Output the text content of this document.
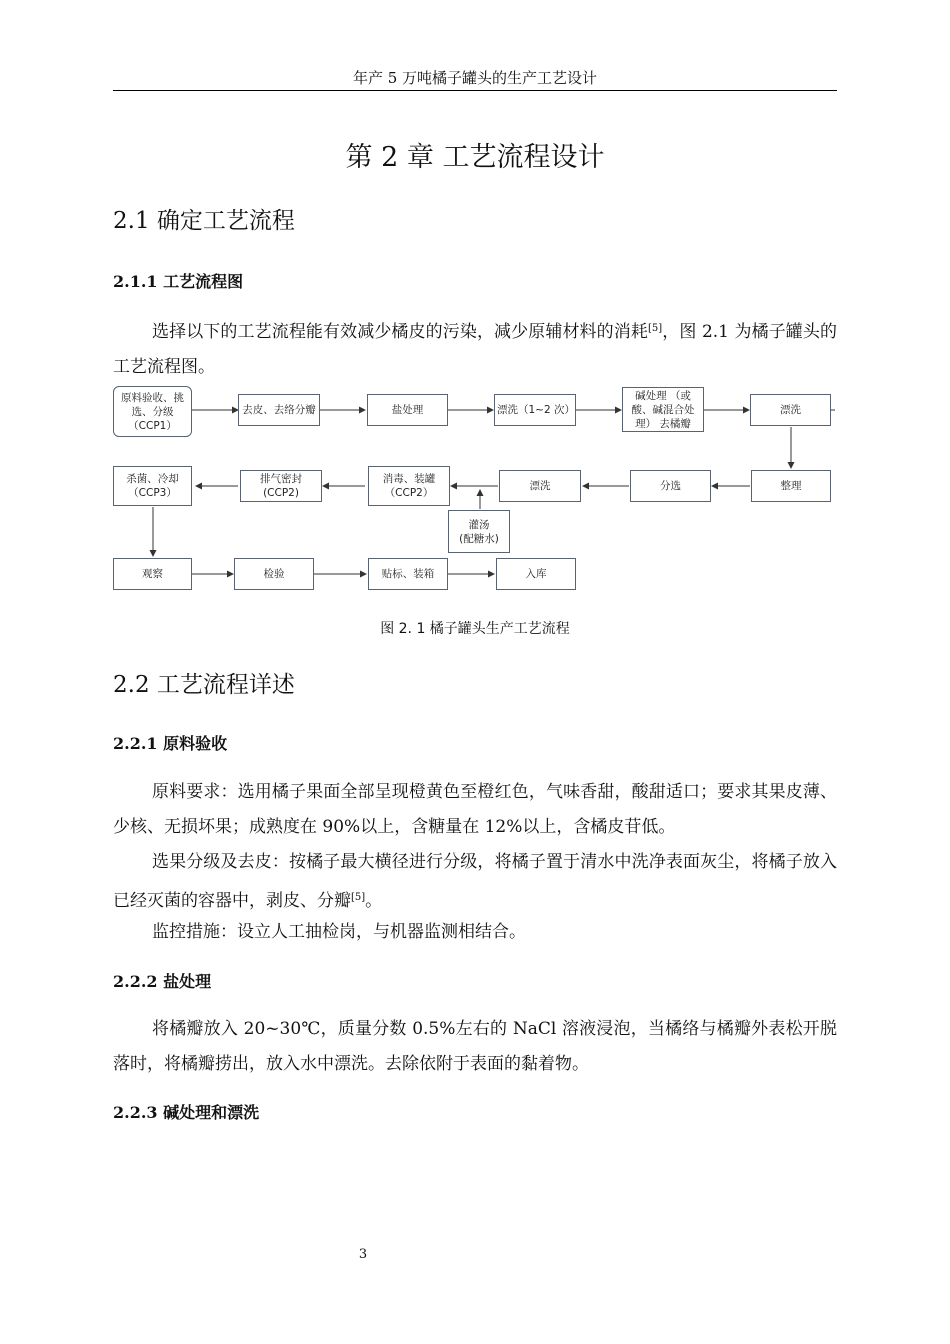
年产 5 万吨橘子罐头的生产工艺设计
第 2 章 工艺流程设计
2.1 确定工艺流程
2.1.1 工艺流程图

选择以下的工艺流程能有效减少橘皮的污染，减少原辅材料的消耗[5]，图 2.1 为橘子罐头的工艺流程图。

原料验收、挑
选、分级
（CCP1）
去皮、去络分瓣	盐处理	漂洗（1~2 次）
碱处理 （或
酸、碱混合处
理） 去橘瓣
漂洗
杀菌、冷却
（CCP3）
排气密封(CCP2)
消毒、装罐
（CCP2）
漂洗	分选	整理
灌汤
(配糖水)
观察	检验	贴标、装箱	入库
图 2. 1 橘子罐头生产工艺流程
2.2 工艺流程详述
2.2.1 原料验收

原料要求：选用橘子果面全部呈现橙黄色至橙红色，气味香甜，酸甜适口；要求其果皮薄、少核、无损坏果；成熟度在 90%以上，含糖量在 12%以上，含橘皮苷低。

选果分级及去皮：按橘子最大横径进行分级，将橘子置于清水中洗净表面灰尘，将橘子放入已经灭菌的容器中，剥皮、分瓣[5]。

监控措施：设立人工抽检岗，与机器监测相结合。

2.2.2 盐处理

将橘瓣放入 20~30℃，质量分数 0.5%左右的 NaCl 溶液浸泡，当橘络与橘瓣外表松开脱落时，将橘瓣捞出，放入水中漂洗。去除依附于表面的黏着物。

2.2.3 碱处理和漂洗
3
